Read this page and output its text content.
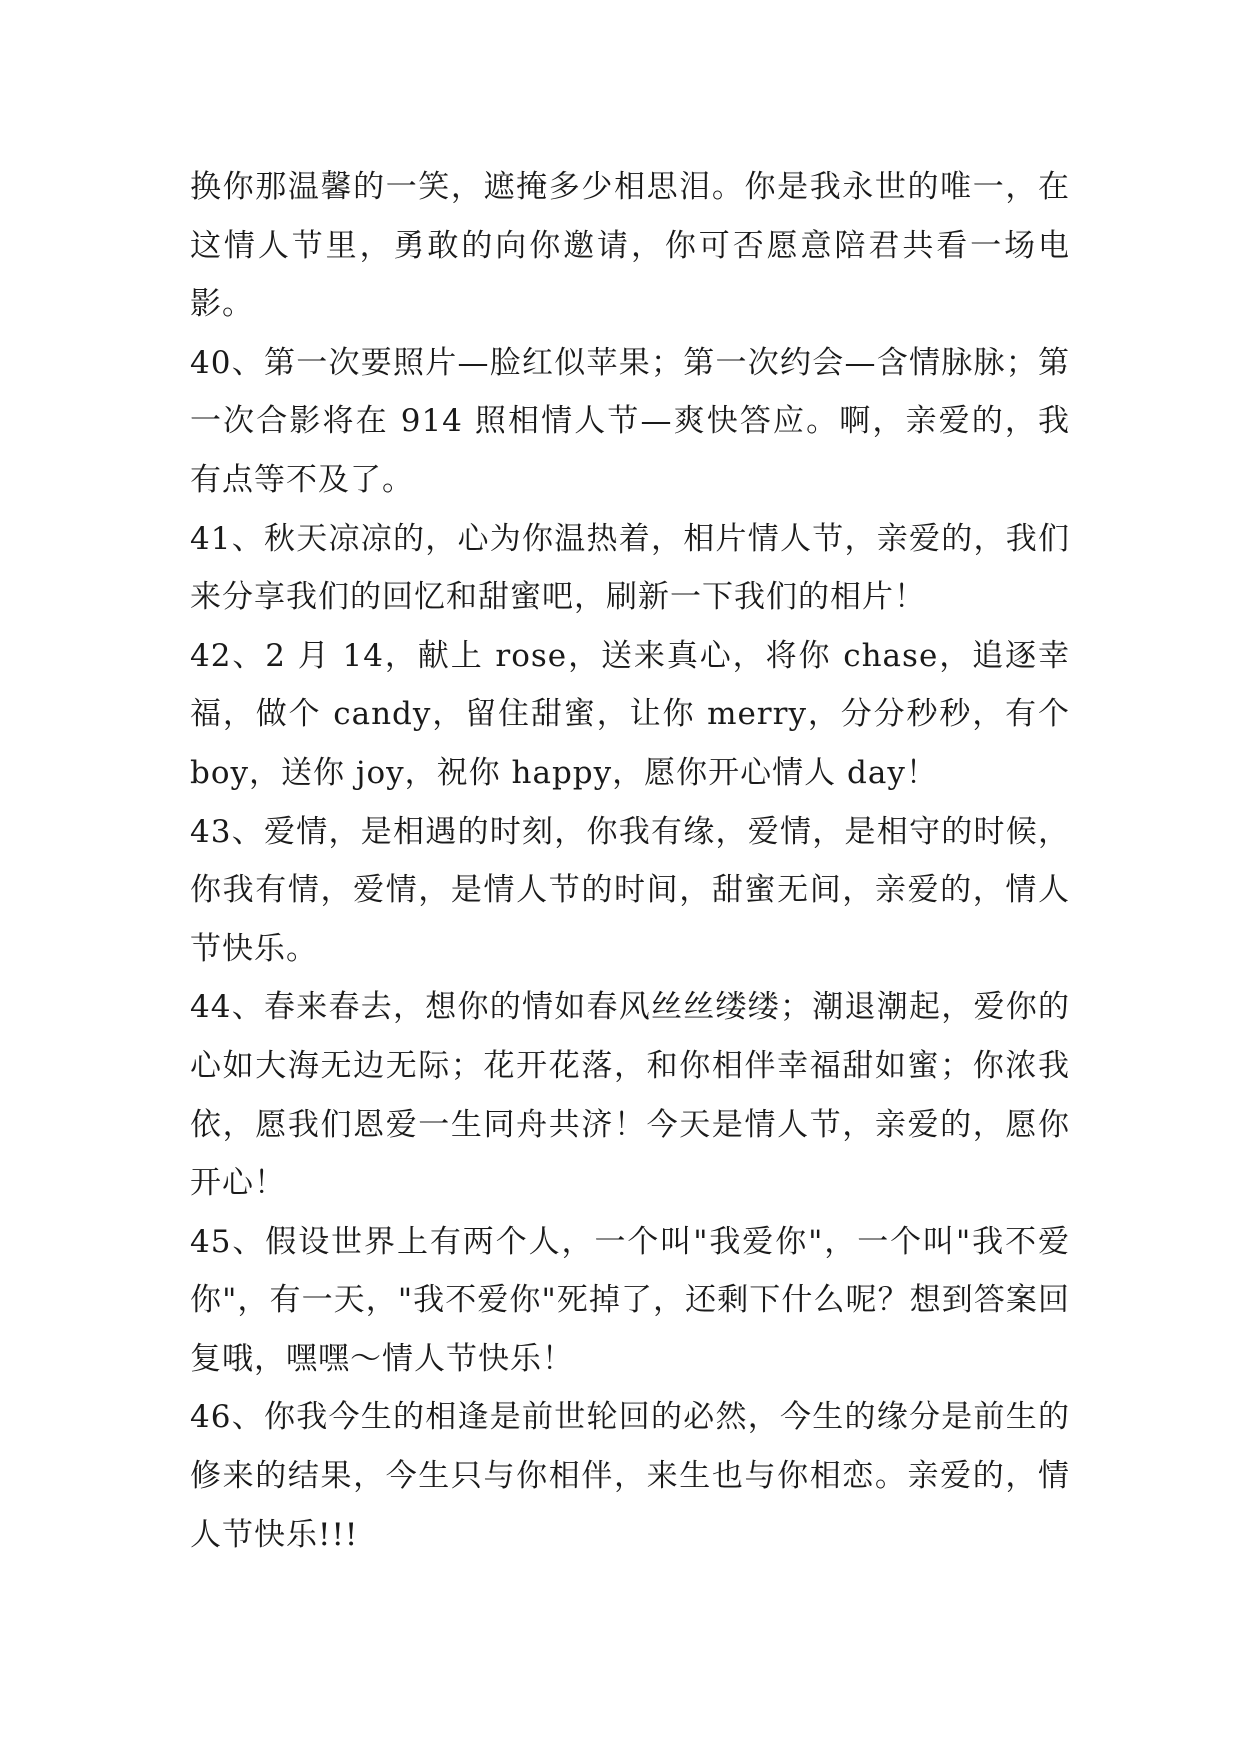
换你那温馨的一笑，遮掩多少相思泪。你是我永世的唯一，在这情人节里，勇敢的向你邀请，你可否愿意陪君共看一场电影。

40、第一次要照片—脸红似苹果；第一次约会—含情脉脉；第一次合影将在 914 照相情人节—爽快答应。啊，亲爱的，我有点等不及了。

41、秋天凉凉的，心为你温热着，相片情人节，亲爱的，我们来分享我们的回忆和甜蜜吧，刷新一下我们的相片！

42、2 月 14，献上 rose，送来真心，将你 chase，追逐幸福，做个 candy，留住甜蜜，让你 merry，分分秒秒，有个 boy，送你 joy，祝你 happy，愿你开心情人 day！

43、爱情，是相遇的时刻，你我有缘，爱情，是相守的时候，你我有情，爱情，是情人节的时间，甜蜜无间，亲爱的，情人节快乐。

44、春来春去，想你的情如春风丝丝缕缕；潮退潮起，爱你的心如大海无边无际；花开花落，和你相伴幸福甜如蜜；你浓我依，愿我们恩爱一生同舟共济！今天是情人节，亲爱的，愿你开心！

45、假设世界上有两个人，一个叫"我爱你"，一个叫"我不爱你"，有一天，"我不爱你"死掉了，还剩下什么呢？想到答案回复哦，嘿嘿～情人节快乐！

46、你我今生的相逢是前世轮回的必然，今生的缘分是前生的修来的结果，今生只与你相伴，来生也与你相恋。亲爱的，情人节快乐!!!
